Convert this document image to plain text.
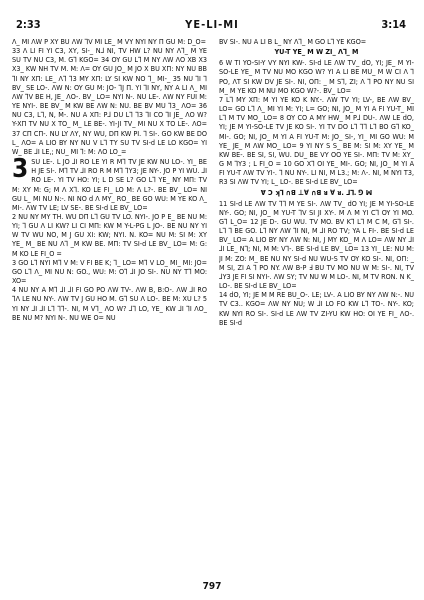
2:33	YE-LI-MI	3:14

Λ_ MI ΛW P XY BU ΛW ⅂V MI LE_ M VY NYI NY Π GU M: D_O=

33 Λ LI FI YI C3, XY, SI-_ N⅃ NI, TV HW L? NU NY Λ⅂_ M YE SU TV NU C3, M. G⅂ KGO= 34 OY GU L⅂ M NY ΛW ΛO XB X3 X3_ KW NH TV M. M: Λ= OY GU JO_ M JO X BU XΠ: NY NU BB ⅂I NY XΠ: LE_ Λ⅂ ⅂3 MY XΠ: LY SI KW NO ⅂_ MI-_ 35 NU ⅂I ⅂ BV_ SE LO-. ΛW N: OY GU M: JO- ⅂J Π. YI ⅂I NY, NY A LI Λ_ MI ΛW ⅂V BE H, JE_ ΛO-. BV_ LO= NYI N-. NU LE-. ΛW NY FUI M: YE NYI-. BE BV_ M KW BE ΛW N: NU. BE BV MU ⅂3_ ΛO= 36 NU C3, L⅂, N, M-. NU A XΠ: P⅃ DU L⅂ ⅂3 ⅂I CO ⅂I JE_ ΛO W? Y-XΠ TV NU X TO_ M_ LE BE-. YI-JI TV_ MI NU X TO LE-. ΛO= 37 CΠ CΠ-. NU LY ΛY, NY WU, DΠ KW PI. ⅂ SI-. GO KW BE DO L_ ΛO= A LIO BY NY NU V L⅂ TY SU TV SI-d LE LO KGO= YI W_ BE ⅃I LE,; NU_ MI ⅂: M: ΛO LO_=

3 SU LE-. L JO ⅃I RO LE YI R M⅂ TV JE KW NU LO-. YI_ BE H JE SI-. M⅂ TV ⅃I RO R M M⅂ ⅂Y3; JE NY-. JO P YI WU. ⅃I RO LE-. YI TV HO: YI; L D SE L? GO L⅂ YE_ NY MΠ: TV M: XY M: G; M Λ X⅂. KO LE FI_ LO M: Λ L?-. BE BV_ LO= NI GU L_ MI NU N:-. NI NO d Λ MY_ RO_ BE GO WU: M YE KO Λ_ MI-. ΛW TV LE; LV SE-. BE SI-d LE BV_ LO=

2 NU NY MY TH. WU DΠ L⅂ GU TV LO. NYI-. JO P E_ BE NU M: YI; ⅂ GU Λ LI KW? LI CI MΠ: KW M Y-L-PG L JO-. BE NU NY YI W TV WU NO, M J GU XI: KW; NYI. N. KO= NU M: SI M: XY YE_ M_ BE NU Λ⅂ _M KW BE. MΠ: TV SI-d LE BV_ LO= M: G: M KO LE FI_O =

3 GO L⅂ NYI M⅂ V M: V FI BE K; ⅂_ LO= M⅂ V LO_ MI_ MI: JO= GO L⅂ Λ_ MI NU N: GO., WU: M: O⅂ ⅃I JO SI-. NU NY T⅂ MO: XO=

4 NU NY A M⅂ ⅃I ⅃I FI GO PO ΛW TV-. ΛW B, B:O-. ΛW ⅃I RO ⅂Λ LE NU NY-. ΛW TV J GU HO M. G⅂ SU Λ LO-. BE M: XU L? 5 YI NY ⅃I ⅃I L⅂ ⅂⅂-. NI, M V⅂_ ΛO W? ⅃⅂ LO, YE_ KW ⅃I ⅂I ΛO_ BE NU M? NYI N-. NU WE O= NU

BV SI-. NU A LI B L_ NY Λ⅂_ M GO L⅂ YE KGO=

YU-T YE_ M W ZI_ Λ⅂_ M

6 W TI YO-SI-Y VY NYI KW-. SI-d LE ΛW TV_ dO, YI; JE_ M YI-SO-LE YE_ M TV NU MO KGO W? YI A LI BE MU_ M W CI Λ ⅂ PO, ΛT SI KW DV JE SI-. NI, OΠ: _ M S⅂, ZI; Λ ⅂ PO NY NU SI M_ M YE KO M NU MO KGO W?-. BV_ LO=

7 L⅂ MY XΠ: M YI YE KO K NY.-. ΛW TV YI; LV-, BE ΛW BV_ LO= GO L⅂ Λ_ MI YI M: YI; L= GO; NI, JO_ M YI A FI YU-T_ MI L⅂ M TV MO_ LO= 8 OY CO A MY HW_ M P⅃ DU-. ΛW LE dO, YI; JE M YI-SO-LE TV JE KO SI-. YI TV DO L⅂ ⅂⅂ L⅂ BO G⅂ KO_ MI-. GO; NI, JO_ M YI A FI YU-T M: JO_ SI-, YI_ MI GO WU: M YE_ JE_ M ΛW MO_ LO= 9 YI NY S S_ BE M: SI M: XY YE_ M KW BE-. BE SI, SI, WU. DU_ BE VY OO YE SI-. MΠ: TV M: XY_ G M ⅂Y3 ; L FI_O = 10 GO X⅂ OI YE_ MI-. GO; NI, JO_ M YI A FI YU-T ΛW TV YI-. ⅂ NU NY-. LI NI, M L3.; M: Λ-. NI, M NYI T3, R3 SI ΛW TV YI; L_ LO-. BE SI-d LE BV_ LO=

Ɐ Ɔ ʞ⅂ ∩ꓭ ⊥∀ ∩ꓭ ᴚ ∀ ᴚ. ⅃⅂. ⅁ ꟽ

11 SI-d LE ΛW TV ⅂⅂ M YE SI-. ΛW TV_ dO YI; JE M YI-SO-LE NY-. GO; NI, JO_ M YU-T ⅂V SI JI XY-. M Λ M YI C⅂ OY YI MO. G⅂ L_O= 12 JE D-. GU WU. TV MO. BV K⅂ L⅂ M C M, G⅂ SI-. L⅂ ⅂ BE GO. L⅂ NY ΛW ⅂I NI, M ⅃I RO TV; YA L FI-. BE SI-d LE BV_ LO= A LIO BY NY ΛW N: NI, J MY KO_ M Λ LO= ΛW NY ⅃I ⅃I LE_ N⅂; NI, M M: V⅂-. BE SI-d LE BV_ LO= 13 YI_ LE: NU M: JI M: ZO: M_ BE NU NY SI-d NU WU-S TV OY KO SI-. NI, OΠ: _ M SI, ZI A ⅂ PO NY. ΛW B-P Ⅎ BU TV MO NU W M: SI-. NI, TV ⅃Y3 JE FI SI NYI-. ΛW SY; TV NU W M LO-. NI, M TV RON. N K_ LO-. BE SI-d LE BV_ LO=

14 dO, YI; JE M M RE BU_O-. LE; LV-. A LIO BY NY ΛW N:-. NU TV C3.. KGO= ΛW NY NU; W ⅃I LO FO KW L⅂ TO-. NY-. KO; KW NYI RO SI-. SI-d LE ΛW TV ZI-YU KW HO: OI YE FI_ ΛO-. BE SI-d

797
